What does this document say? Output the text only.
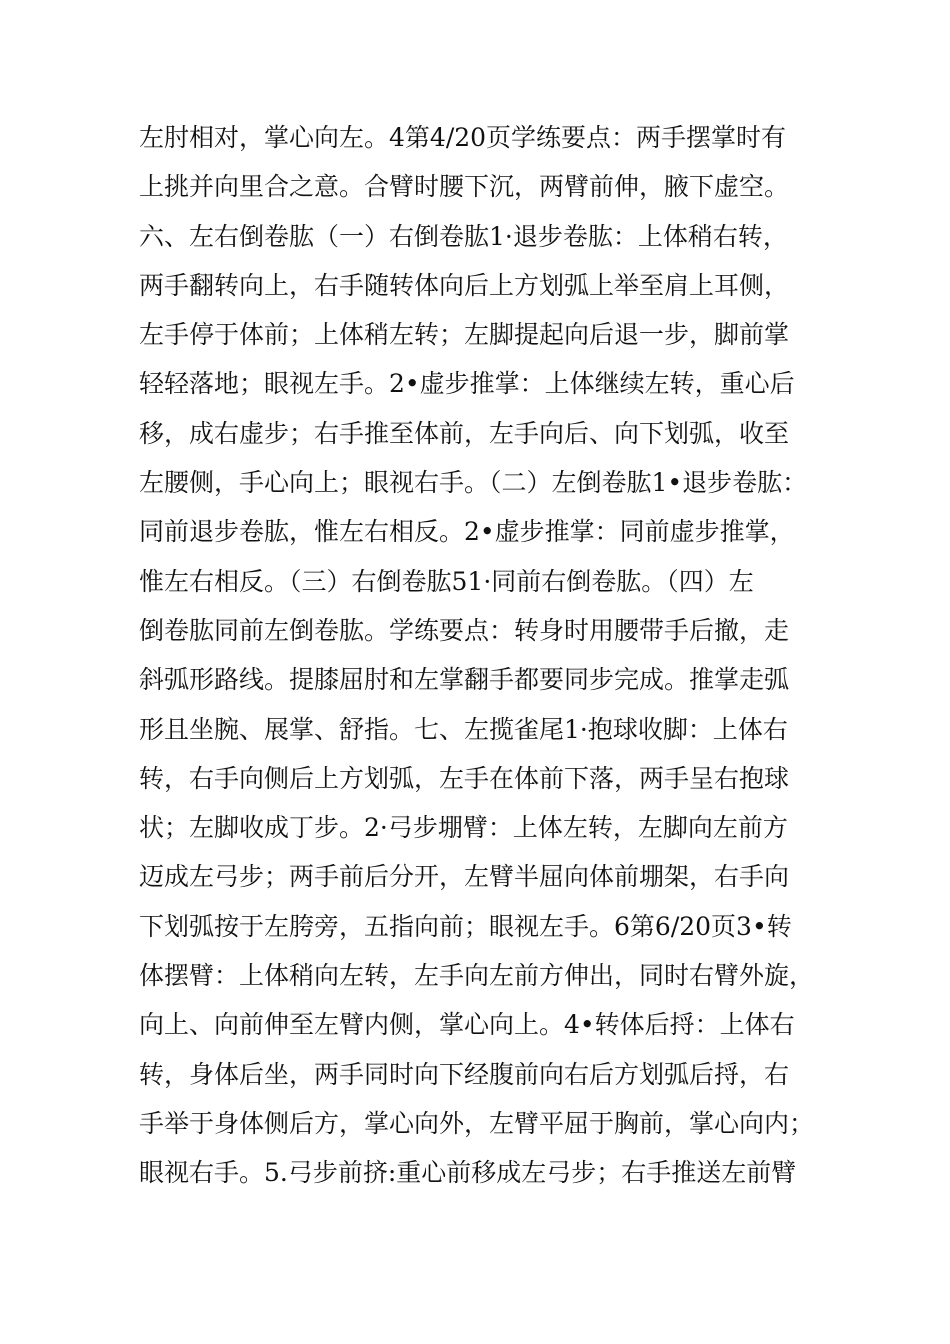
左肘相对，掌心向左。4第4/20页学练要点：两手摆掌时有
上挑并向里合之意。合臂时腰下沉，两臂前伸，腋下虚空。
六、左右倒卷肱（一）右倒卷肱1·退步卷肱：上体稍右转，
两手翻转向上，右手随转体向后上方划弧上举至肩上耳侧，
左手停于体前；上体稍左转；左脚提起向后退一步，脚前掌
轻轻落地；眼视左手。2•虚步推掌：上体继续左转，重心后
移，成右虚步；右手推至体前，左手向后、向下划弧，收至
左腰侧，手心向上；眼视右手。（二）左倒卷肱1•退步卷肱：
同前退步卷肱，惟左右相反。2•虚步推掌：同前虚步推掌，
惟左右相反。（三）右倒卷肱51·同前右倒卷肱。（四）左
倒卷肱同前左倒卷肱。学练要点：转身时用腰带手后撤，走
斜弧形路线。提膝屈肘和左掌翻手都要同步完成。推掌走弧
形且坐腕、展掌、舒指。七、左揽雀尾1·抱球收脚：上体右
转，右手向侧后上方划弧，左手在体前下落，两手呈右抱球
状；左脚收成丁步。2·弓步堋臂：上体左转，左脚向左前方
迈成左弓步；两手前后分开，左臂半屈向体前堋架，右手向
下划弧按于左胯旁，五指向前；眼视左手。6第6/20页3•转
体摆臂：上体稍向左转，左手向左前方伸出，同时右臂外旋，
向上、向前伸至左臂内侧，掌心向上。4•转体后捋：上体右
转，身体后坐，两手同时向下经腹前向右后方划弧后捋，右
手举于身体侧后方，掌心向外，左臂平屈于胸前，掌心向内；
眼视右手。5.弓步前挤:重心前移成左弓步；右手推送左前臂
